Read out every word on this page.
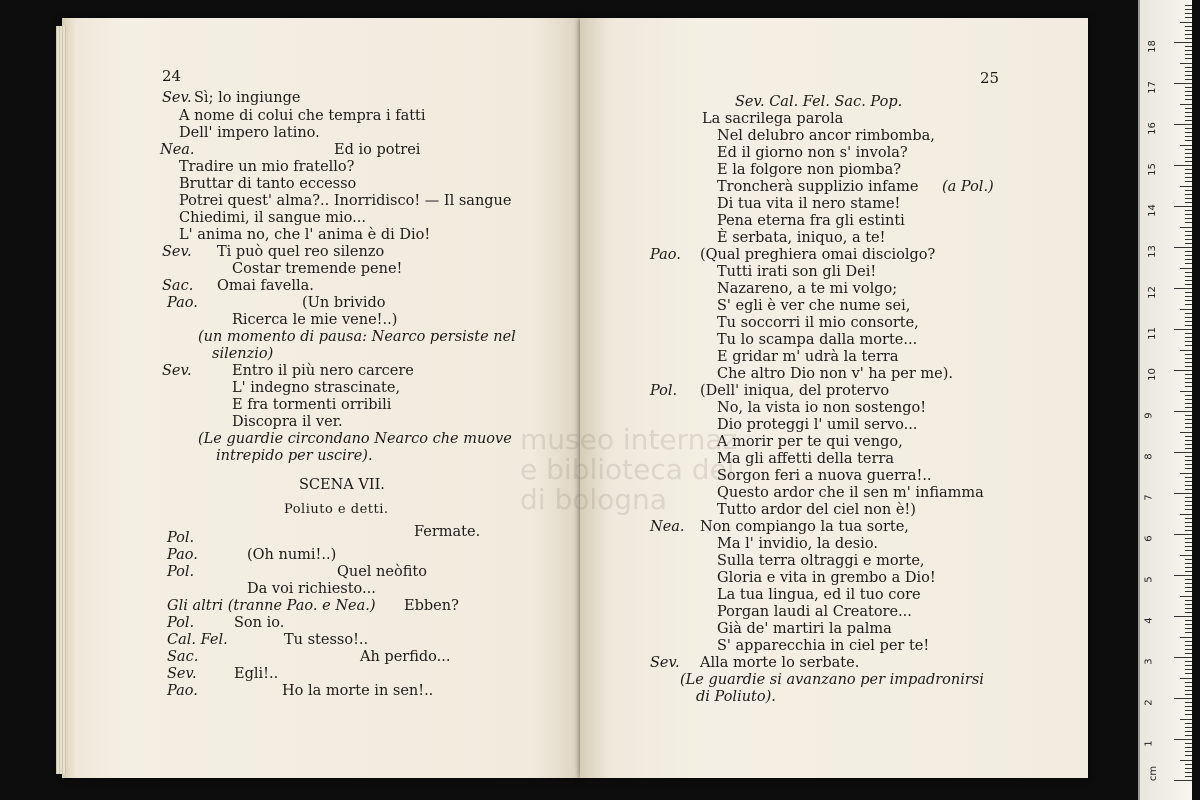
24
Sev. Sì; lo ingiunge
A nome di colui che tempra i fatti
Dell' impero latino.
Nea.	Ed io potrei
Tradire un mio fratello?
Bruttar di tanto eccesso
Potrei quest' alma?.. Inorridisco! — Il sangue
Chiedimi, il sangue mio...
L' anima no, che l' anima è di Dio!
Sev. Ti può quel reo silenzo
Costar tremende pene!
Sac. Omai favella.
Pao.	(Un brivido
Ricerca le mie vene!..)
(un momento di pausa: Nearco persiste nel
silenzio)
Sev.	Entro il più nero carcere
L' indegno strascinate,
E fra tormenti orribili
Discopra il ver.
(Le guardie circondano Nearco che muove
intrepido per uscire).
SCENA VII.
Poliuto e detti.
Pol.	Fermate.
Pao.	(Oh numi!..)
Pol.	Quel neòfito
Da voi richiesto...
Gli altri (tranne Pao. e Nea.) Ebben?
Pol.	Son io.
Cal. Fel.	Tu stesso!..
Sac.	Ah perfido...
Sev.	Egli!..
Pao.	Ho la morte in sen!..
25
Sev. Cal. Fel. Sac. Pop.
La sacrilega parola
Nel delubro ancor rimbomba,
Ed il giorno non s' invola?
E la folgore non piomba?
Troncherà supplizio infame (a Pol.)
Di tua vita il nero stame!
Pena eterna fra gli estinti
È serbata, iniquo, a te!
Pao. (Qual preghiera omai disciolgo?
Tutti irati son gli Dei!
Nazareno, a te mi volgo;
S' egli è ver che nume sei,
Tu soccorri il mio consorte,
Tu lo scampa dalla morte...
E gridar m' udrà la terra
Che altro Dio non v' ha per me).
Pol. (Dell' iniqua, del protervo
No, la vista io non sostengo!
Dio proteggi l' umil servo...
A morir per te qui vengo,
Ma gli affetti della terra
Sorgon feri a nuova guerra!..
Questo ardor che il sen m' infiamma
Tutto ardor del ciel non è!)
Nea. Non compiango la tua sorte,
Ma l' invidio, la desio.
Sulla terra oltraggi e morte,
Gloria e vita in grembo a Dio!
La tua lingua, ed il tuo core
Porgan laudi al Creatore...
Già de' martiri la palma
S' apparecchia in ciel per te!
Sev. Alla morte lo serbate.
(Le guardie si avanzano per impadronirsi
di Poliuto).
museo internaz
e biblioteca del
di bologna
cm
1
2
3
4
5
6
7
8
9
10
11
12
13
14
15
16
17
18
